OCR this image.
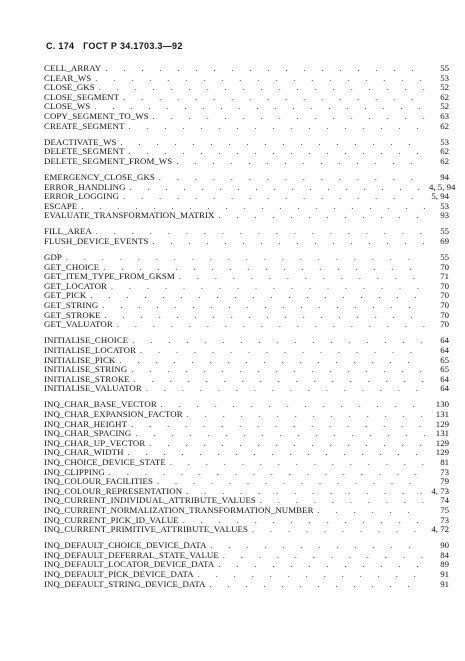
С. 174 ГОСТ Р 34.1703.3—92
CELL_ARRAY . . .	55
CLEAR_WS . . .	53
CLOSE_GKS . . .	52
CLOSE_SEGMENT . . .	62
CLOSE_WS . . .	52
COPY_SEGMENT_TO_WS . . .	63
CREATE_SEGMENT . . .	62
DEACTIVATE_WS . . .	53
DELETE_SEGMENT . . .	62
DELETE_SEGMENT_FROM_WS . . .	62
EMERGENCY_CLOSE_GKS . . .	94
ERROR_HANDLING . . .	4, 5, 94
ERROR_LOGGING . . .	5, 94
ESCAPE . . .	53
EVALUATE_TRANSFORMATION_MATRIX . . .	93
FILL_AREA . . .	55
FLUSH_DEVICE_EVENTS . . .	69
GDP . . .	55
GET_CHOICE . . .	70
GET_ITEM_TYPE_FROM_GKSM . . .	71
GET_LOCATOR . . .	70
GET_PICK . . .	70
GET_STRING . . .	70
GET_STROKE . . .	70
GET_VALUATOR . . .	70
INITIALISE_CHOICE . . .	64
INITIALISE_LOCATOR . . .	64
INITIALISE_PICK . . .	65
INITIALISE_STRING . . .	65
INITIALISE_STROKE . . .	64
INITIALISE_VALUATOR . . .	64
INQ_CHAR_BASE_VECTOR . . .	130
INQ_CHAR_EXPANSION_FACTOR . . .	131
INQ_CHAR_HEIGHT . . .	129
INQ_CHAR_SPACING . . .	131
INQ_CHAR_UP_VECTOR . . .	129
INQ_CHAR_WIDTH . . .	129
INQ_CHOICE_DEVICE_STATE . . .	81
INQ_CLIPPING . . .	73
INQ_COLOUR_FACILITIES . . .	79
INQ_COLOUR_REPRESENTATION . . .	4, 73
INQ_CURRENT_INDIVIDUAL_ATTRIBUTE_VALUES . . .	74
INQ_CURRENT_NORMALIZATION_TRANSFORMATION_NUMBER . . .	75
INQ_CURRENT_PICK_ID_VALUE . . .	73
INQ_CURRENT_PRIMITIVE_ATTRIBUTE_VALUES . . .	4, 72
INQ_DEFAULT_CHOICE_DEVICE_DATA . . .	90
INQ_DEFAULT_DEFERRAL_STATE_VALUE . . .	84
INQ_DEFAULT_LOCATOR_DEVICE_DATA . . .	89
INQ_DEFAULT_PICK_DEVICE_DATA . . .	91
INQ_DEFAULT_STRING_DEVICE_DATA . . .	91
